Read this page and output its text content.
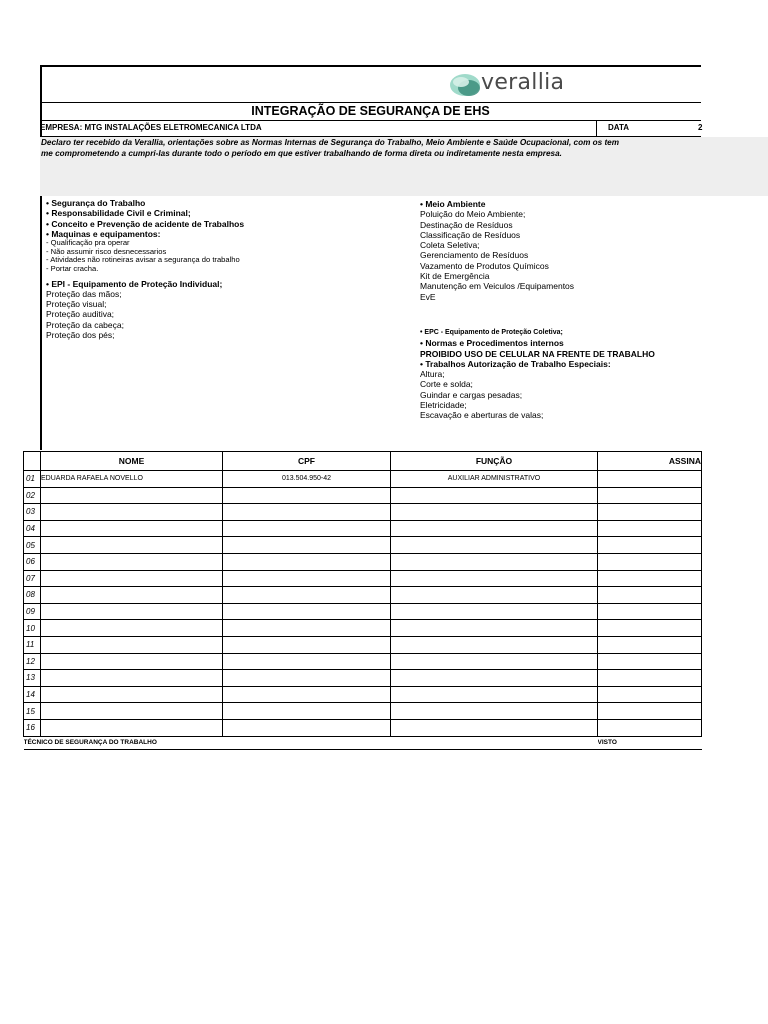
verallia
INTEGRAÇÃO DE SEGURANÇA DE EHS
EMPRESA: MTG INSTALAÇÕES ELETROMECANICA LTDA	DATA	2
Declaro ter recebido da Verallia, orientações sobre as Normas Internas de Segurança do Trabalho, Meio Ambiente e Saúde Ocupacional, com os tem
me comprometendo a cumpri-las durante todo o período em que estiver trabalhando de forma direta ou indiretamente nesta empresa.
• Segurança do Trabalho
• Responsabilidade Civil e Criminal;
• Conceito e Prevenção de acidente de Trabalhos
• Maquinas e equipamentos:
- Qualificação pra operar
- Não assumir risco desnecessarios
- Atividades não rotineiras avisar a segurança do trabalho
- Portar cracha.
• EPI - Equipamento de Proteção Individual;
Proteção das mãos;
Proteção visual;
Proteção auditiva;
Proteção da cabeça;
Proteção dos pés;
• Meio Ambiente
Poluição do Meio Ambiente;
Destinação de Resíduos
Classificação de Resíduos
Coleta Seletiva;
Gerenciamento de Resíduos
Vazamento de Produtos Químicos
Kit de Emergência
Manutenção em Veiculos /Equipamentos
EvE
• EPC - Equipamento de Proteção Coletiva;
• Normas e Procedimentos internos
PROIBIDO USO DE CELULAR NA FRENTE DE TRABALHO
• Trabalhos Autorização de Trabalho Especiais:
Altura;
Corte e solda;
Guindar e cargas pesadas;
Eletricidade;
Escavação e aberturas de valas;
	NOME	CPF	FUNÇÃO	ASSINA
01	EDUARDA RAFAELA NOVELLO	013.504.950-42	AUXILIAR ADMINISTRATIVO	
02				
03				
04				
05				
06				
07				
08				
09				
10				
11				
12				
13				
14				
15				
16				
TÉCNICO DE SEGURANÇA DO TRABALHO				VISTO
